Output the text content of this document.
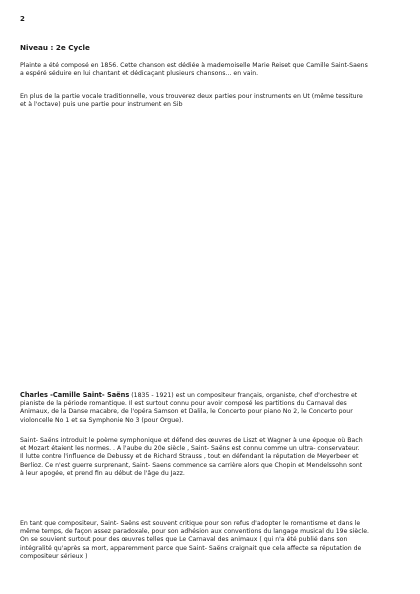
2
Niveau : 2e Cycle
Plainte a été composé en 1856. Cette chanson est dédiée à mademoiselle Marie Reiset que Camille Saint-Saens
a espéré séduire en lui chantant et dédicaçant plusieurs chansons... en vain.
En plus de la partie vocale traditionnelle, vous trouverez deux parties pour instruments en Ut (même tessiture
et à l'octave) puis une partie pour instrument en Sib
Charles -Camille Saint- Saëns (1835 - 1921) est un compositeur français, organiste, chef d'orchestre et
pianiste de la période romantique. Il est surtout connu pour avoir composé les partitions du Carnaval des
Animaux, de la Danse macabre, de l'opéra Samson et Dalila, le Concerto pour piano No 2, le Concerto pour
violoncelle No 1 et sa Symphonie No 3 (pour Orgue).
Saint- Saëns introduit le poème symphonique et défend des œuvres de Liszt et Wagner à une époque où Bach
et Mozart étaient les normes. . À l'aube du 20e siècle , Saint- Saëns est connu comme un ultra- conservateur.
Il lutte contre l'influence de Debussy et de Richard Strauss , tout en défendant la réputation de Meyerbeer et
Berlioz. Ce n'est guerre surprenant, Saint- Saens commence sa carrière alors que Chopin et Mendelssohn sont
à leur apogée, et prend fin au début de l'âge du Jazz.
En tant que compositeur, Saint- Saëns est souvent critique pour son refus d'adopter le romantisme et dans le
même temps, de façon assez paradoxale, pour son adhésion aux conventions du langage musical du 19e siècle.
On se souvient surtout pour des œuvres telles que Le Carnaval des animaux ( qui n'a été publié dans son
intégralité qu'après sa mort, apparemment parce que Saint- Saëns craignait que cela affecte sa réputation de
compositeur sérieux )
